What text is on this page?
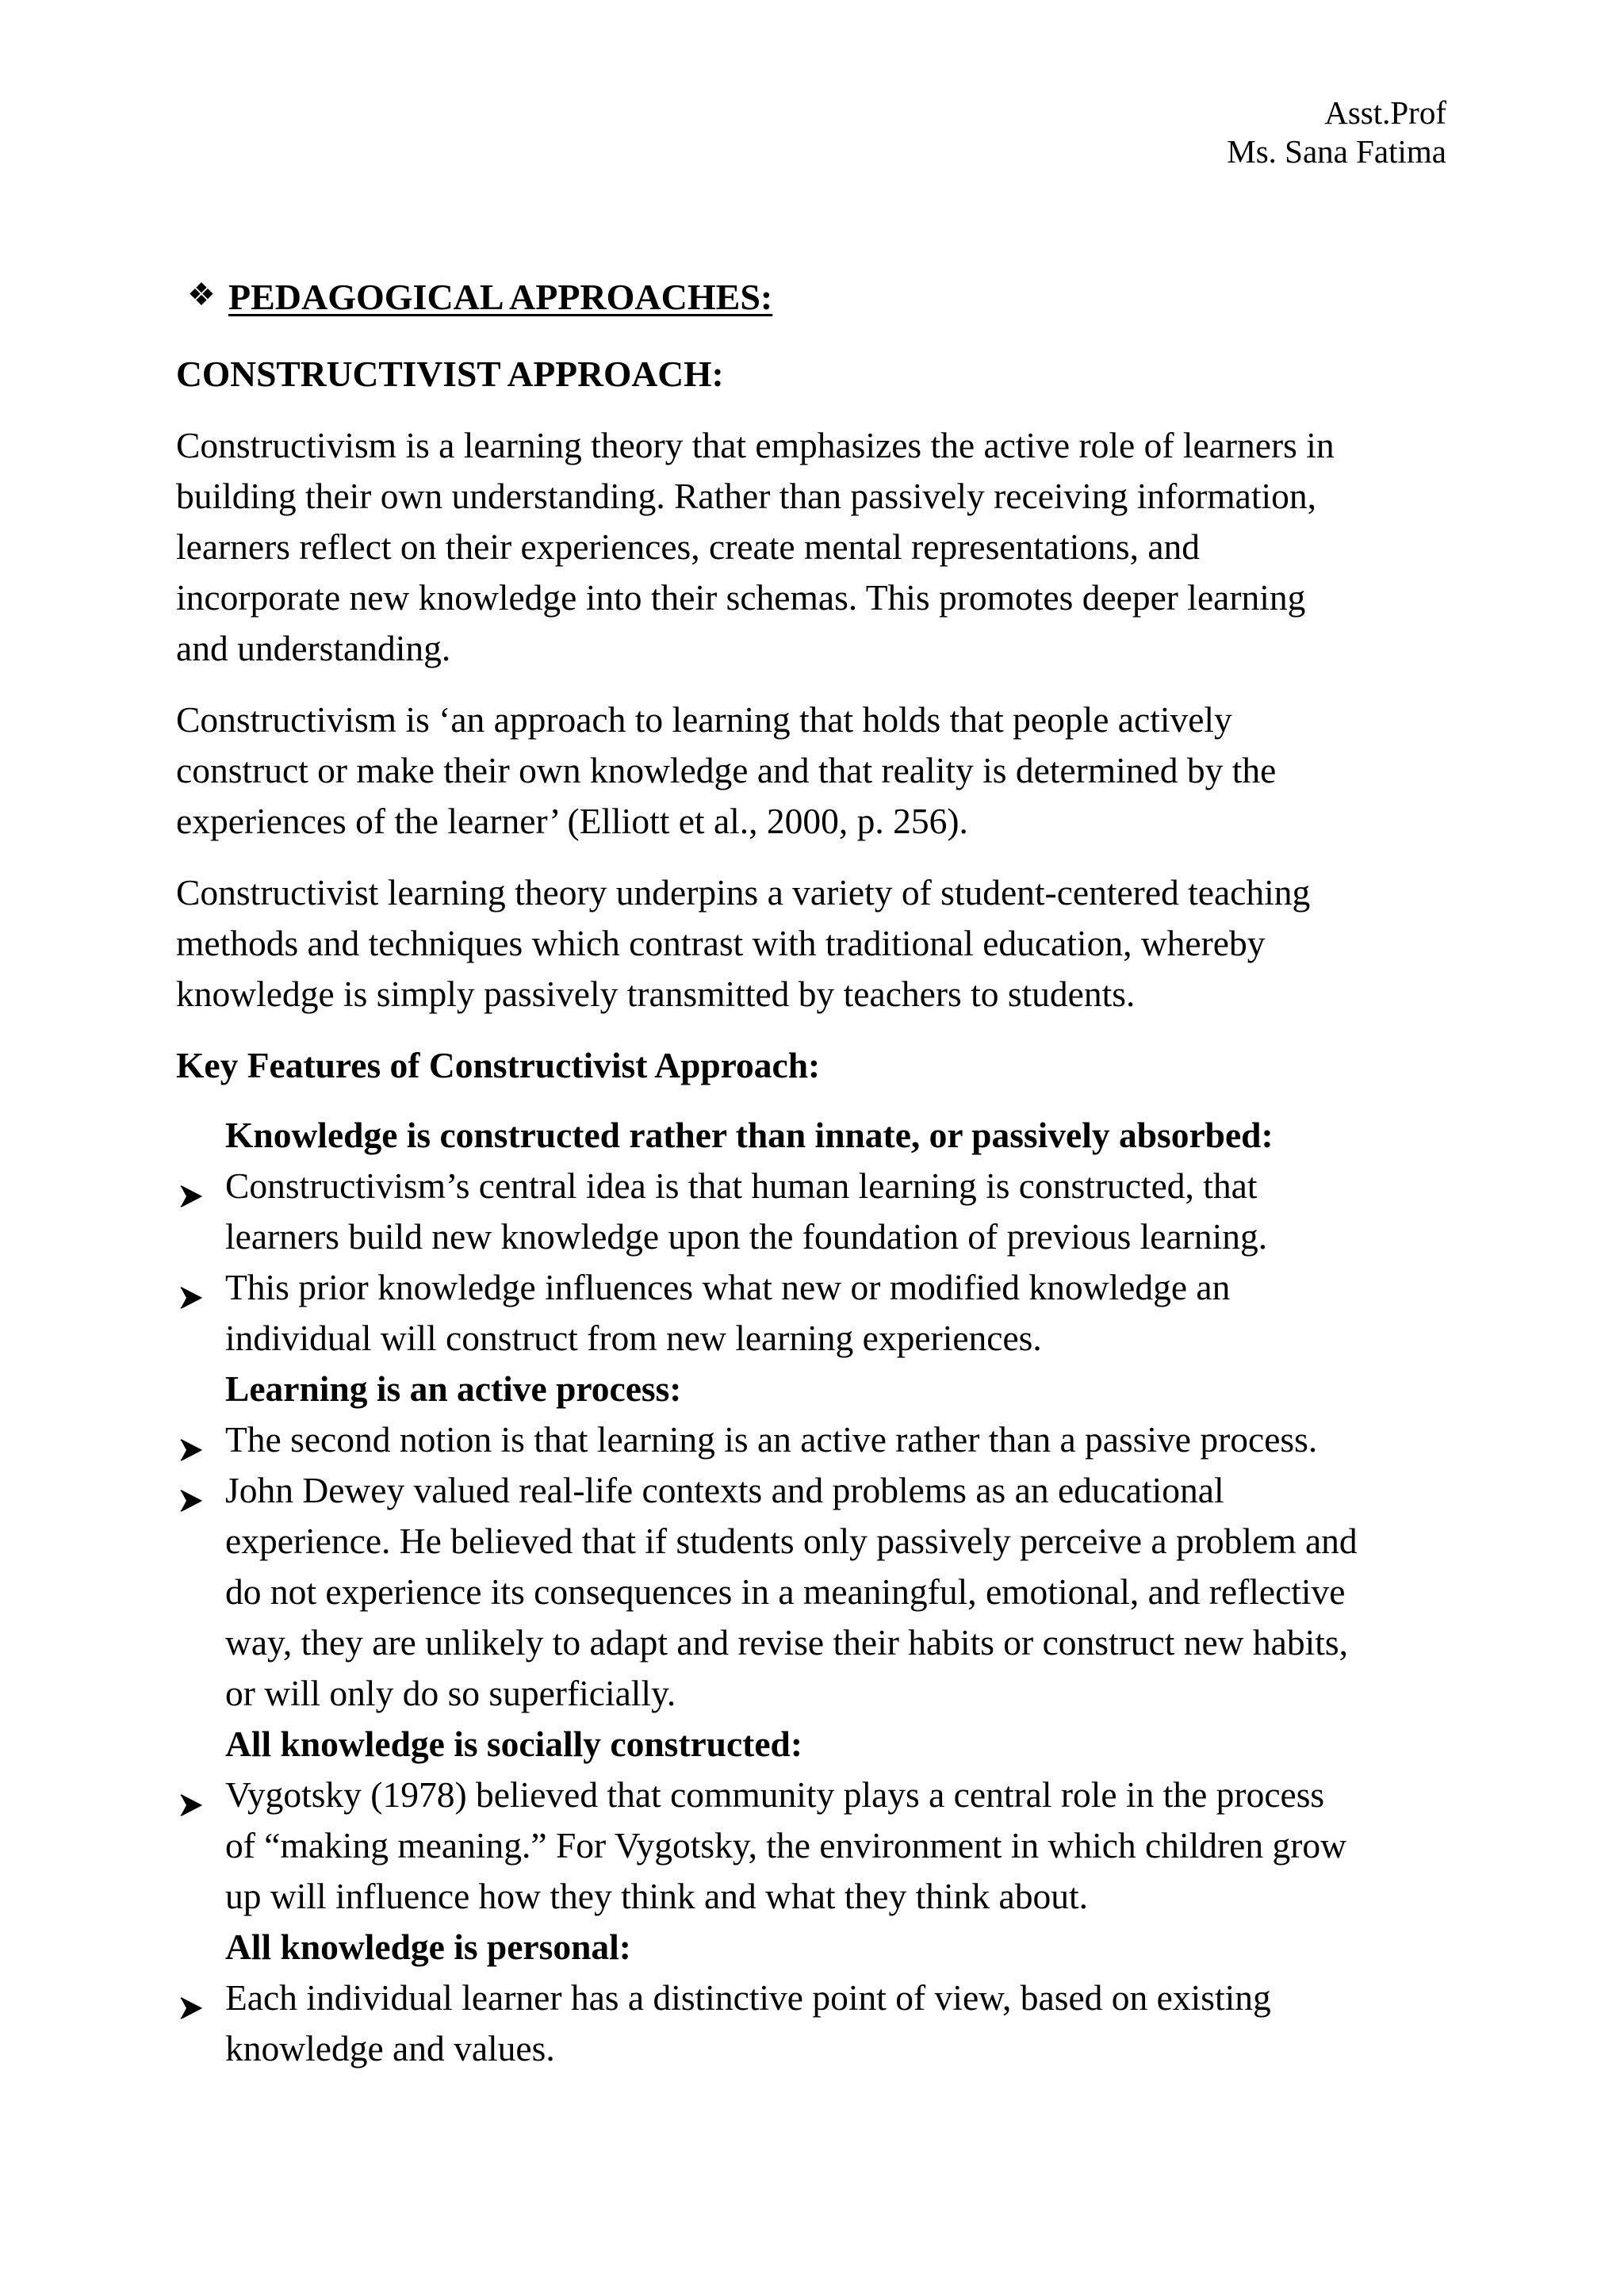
Asst.Prof
Ms. Sana Fatima
❖ PEDAGOGICAL APPROACHES:
CONSTRUCTIVIST APPROACH:
Constructivism is a learning theory that emphasizes the active role of learners in
building their own understanding. Rather than passively receiving information,
learners reflect on their experiences, create mental representations, and
incorporate new knowledge into their schemas. This promotes deeper learning
and understanding.
Constructivism is ‘an approach to learning that holds that people actively
construct or make their own knowledge and that reality is determined by the
experiences of the learner’ (Elliott et al., 2000, p. 256).
Constructivist learning theory underpins a variety of student-centered teaching
methods and techniques which contrast with traditional education, whereby
knowledge is simply passively transmitted by teachers to students.
Key Features of Constructivist Approach:
Knowledge is constructed rather than innate, or passively absorbed:
Constructivism’s central idea is that human learning is constructed, that
learners build new knowledge upon the foundation of previous learning.
This prior knowledge influences what new or modified knowledge an
individual will construct from new learning experiences.
Learning is an active process:
The second notion is that learning is an active rather than a passive process.
John Dewey valued real-life contexts and problems as an educational
experience. He believed that if students only passively perceive a problem and
do not experience its consequences in a meaningful, emotional, and reflective
way, they are unlikely to adapt and revise their habits or construct new habits,
or will only do so superficially.
All knowledge is socially constructed:
Vygotsky (1978) believed that community plays a central role in the process
of “making meaning.” For Vygotsky, the environment in which children grow
up will influence how they think and what they think about.
All knowledge is personal:
Each individual learner has a distinctive point of view, based on existing
knowledge and values.
